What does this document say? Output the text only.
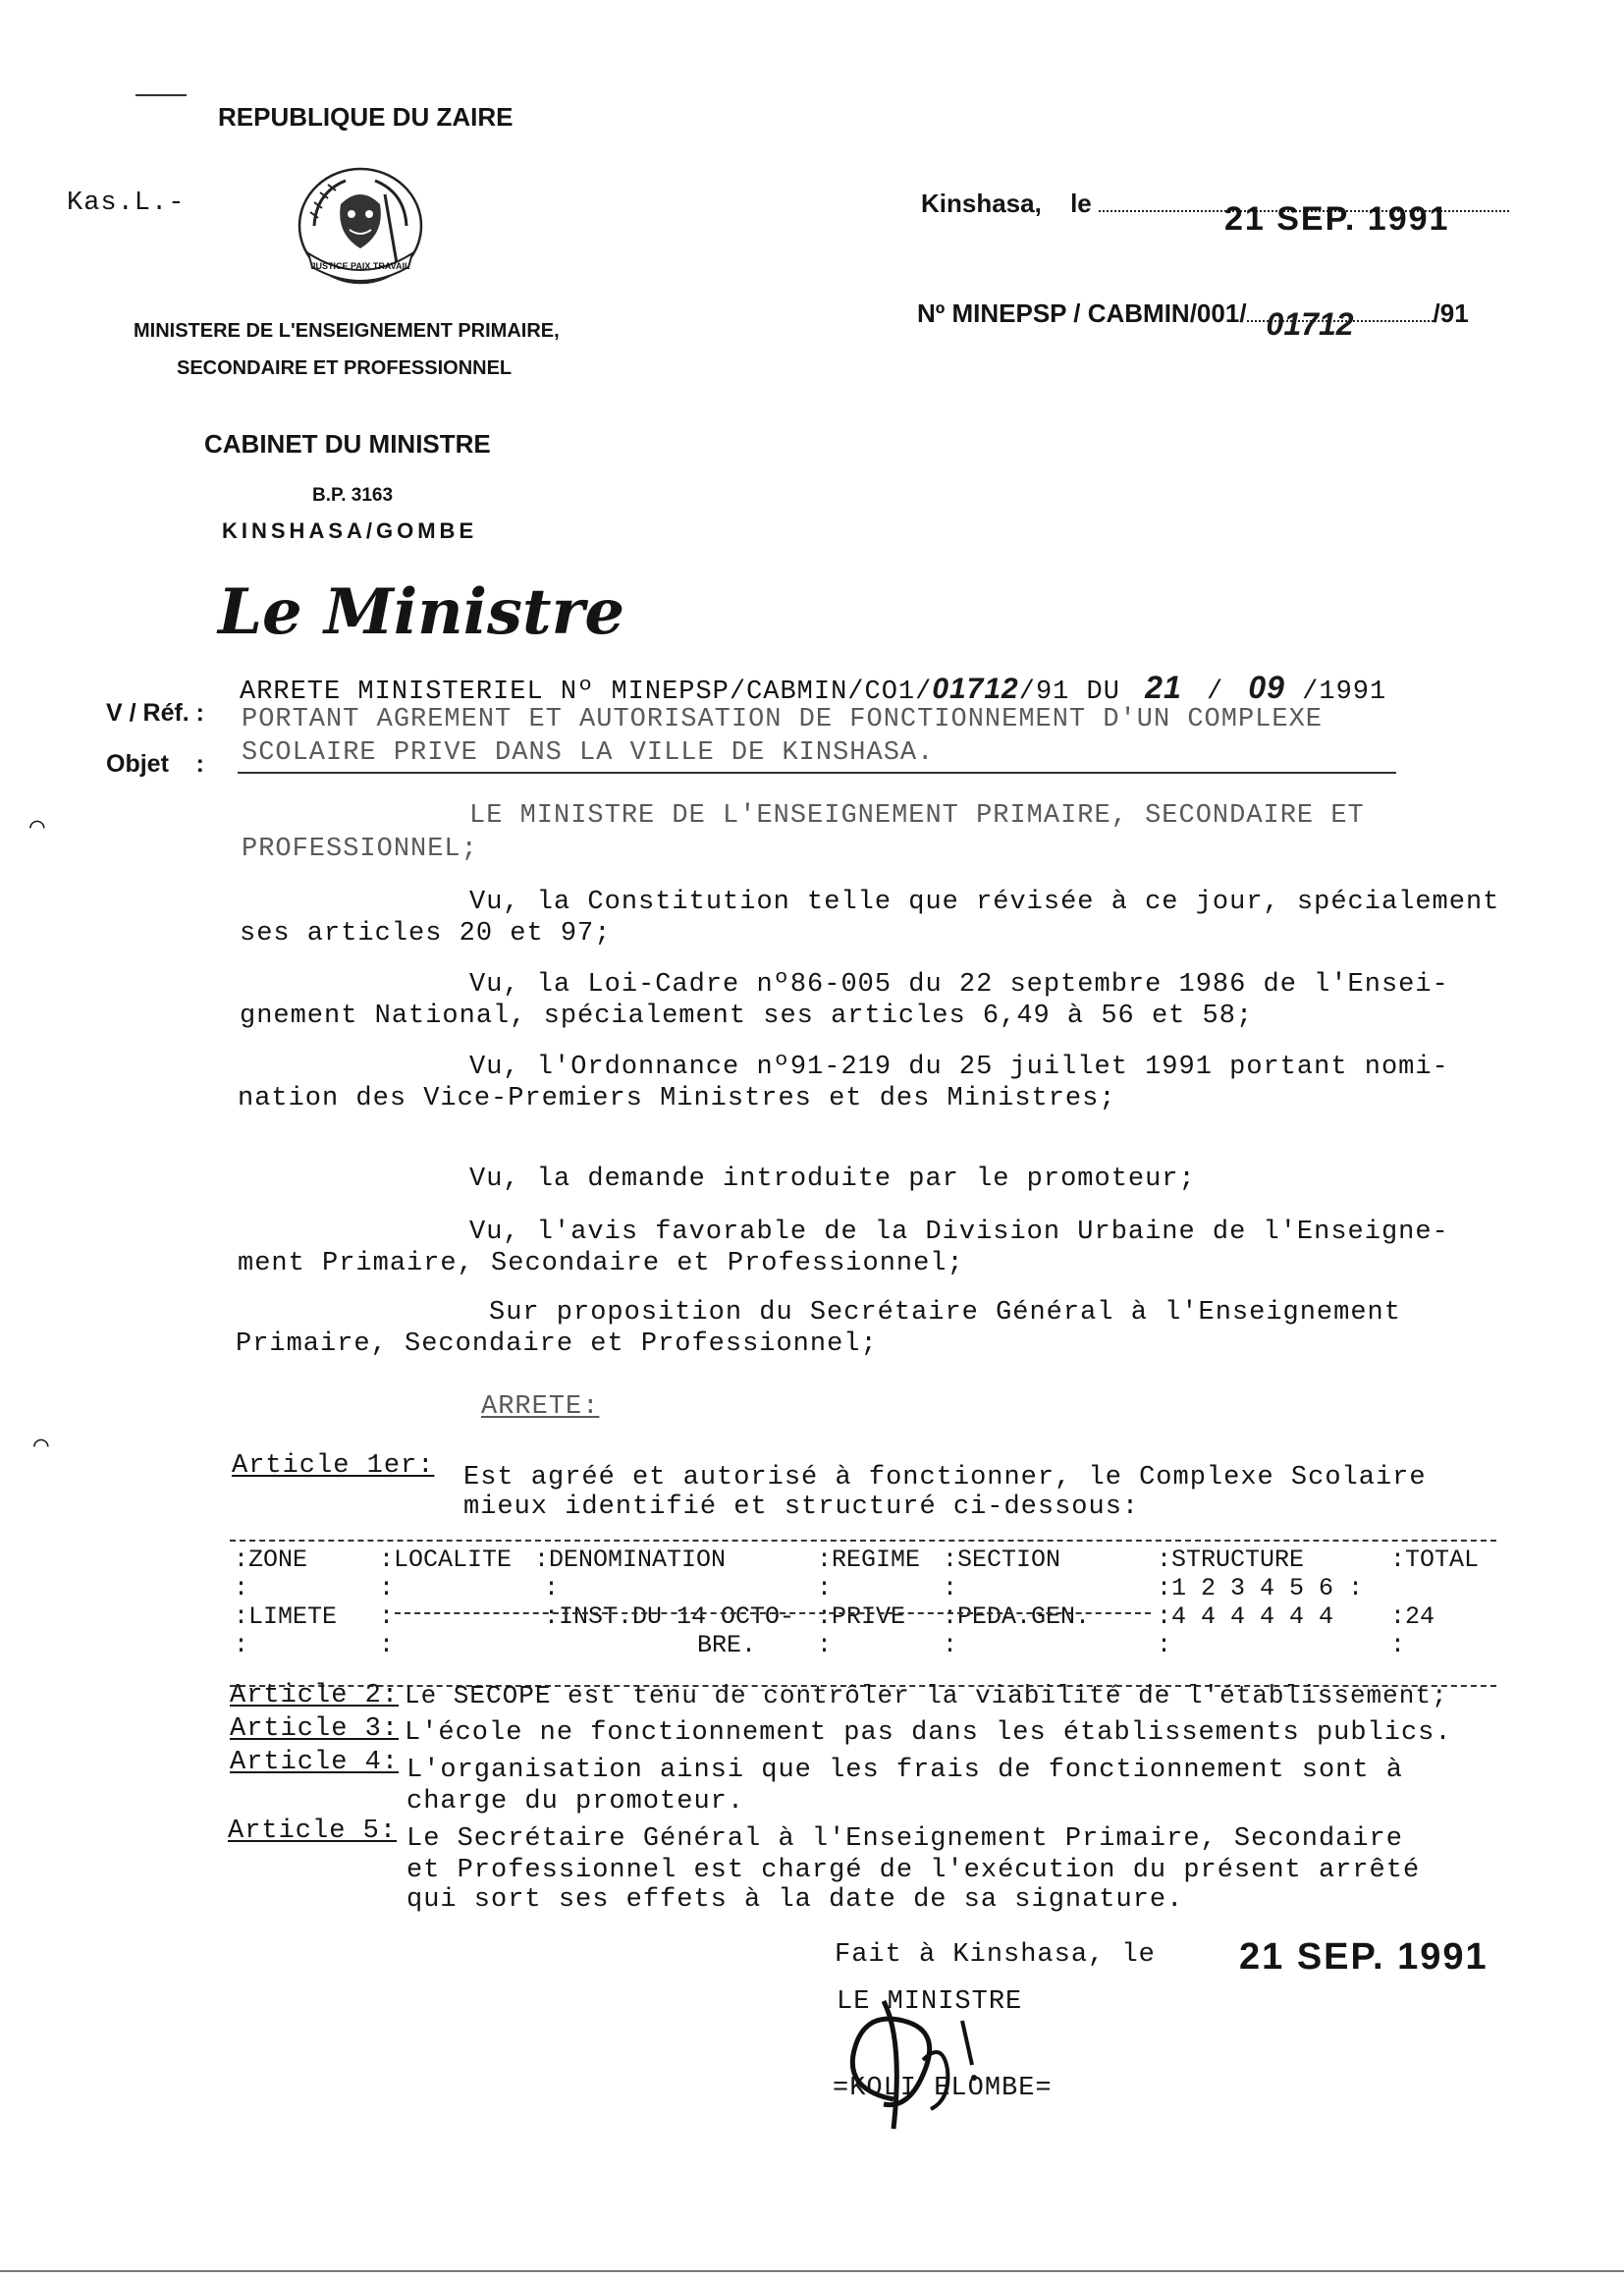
REPUBLIQUE DU ZAIRE
Kas.L.-
JUSTICE PAIX TRAVAIL
MINISTERE DE L'ENSEIGNEMENT PRIMAIRE,
SECONDAIRE ET PROFESSIONNEL
CABINET DU MINISTRE
B.P. 3163
KINSHASA/GOMBE
Le Ministre
Kinshasa, le	21 SEP. 1991
Nº MINEPSP / CABMIN/001/ 01712	/91
V / Réf. :
Objet    :
ARRETE MINISTERIEL Nº MINEPSP/CABMIN/CO1/01712/91 DU 21 / 09 /1991
PORTANT AGREMENT ET AUTORISATION DE FONCTIONNEMENT D'UN COMPLEXE
SCOLAIRE PRIVE DANS LA VILLE DE KINSHASA.
⌒
⌒
LE MINISTRE DE L'ENSEIGNEMENT PRIMAIRE, SECONDAIRE ET
PROFESSIONNEL;
Vu, la Constitution telle que révisée à ce jour, spécialement
ses articles 20 et 97;
Vu, la Loi-Cadre nº86-005 du 22 septembre 1986 de l'Ensei-
gnement National, spécialement ses articles 6,49 à 56 et 58;
Vu, l'Ordonnance nº91-219 du 25 juillet 1991 portant nomi-
nation des Vice-Premiers Ministres et des Ministres;
Vu, la demande introduite par le promoteur;
Vu, l'avis favorable de la Division Urbaine de l'Enseigne-
ment Primaire, Secondaire et Professionnel;
Sur proposition du Secrétaire Général à l'Enseignement
Primaire, Secondaire et Professionnel;
ARRETE:
Article 1er: Est agréé et autorisé à fonctionner, le Complexe Scolaire
mieux identifié et structuré ci-dessous:
:ZONE	:LOCALITE	:DENOMINATION	:REGIME	:SECTION	:STRUCTURE	:TOTAL
:	:	:	:	:	:1 2 3 4 5 6 :	
:LIMETE	:	:INST.DU 14 OCTO-	:PRIVE	:PEDA.GEN.	:4 4 4 4 4 4	:24
:	:	BRE.	:	:	:	:
Article 2: Le SECOPE est tenu de contrôler la viabilité de l'établissement;
Article 3: L'école ne fonctionnement pas dans les établissements publics.
Article 4: L'organisation ainsi que les frais de fonctionnement sont à
charge du promoteur.
Article 5: Le Secrétaire Général à l'Enseignement Primaire, Secondaire
et Professionnel est chargé de l'exécution du présent arrêté
qui sort ses effets à la date de sa signature.
Fait à Kinshasa, le 21 SEP. 1991
LE MINISTRE
=KOLI ELOMBE=
